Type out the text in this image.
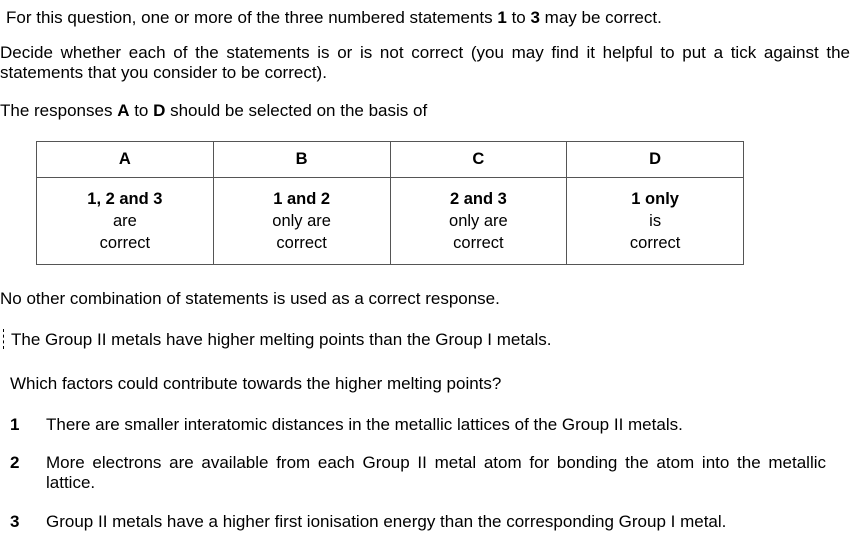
For this question, one or more of the three numbered statements 1 to 3 may be correct.
Decide whether each of the statements is or is not correct (you may find it helpful to put a tick against the statements that you consider to be correct).
The responses A to D should be selected on the basis of
A	B	C	D
1, 2 and 3
are
correct	1 and 2
only are
correct	2 and 3
only are
correct	1 only
is
correct
No other combination of statements is used as a correct response.
The Group II metals have higher melting points than the Group I metals.
Which factors could contribute towards the higher melting points?
1 There are smaller interatomic distances in the metallic lattices of the Group II metals.
2 More electrons are available from each Group II metal atom for bonding the atom into the metallic lattice.
3 Group II metals have a higher first ionisation energy than the corresponding Group I metal.
